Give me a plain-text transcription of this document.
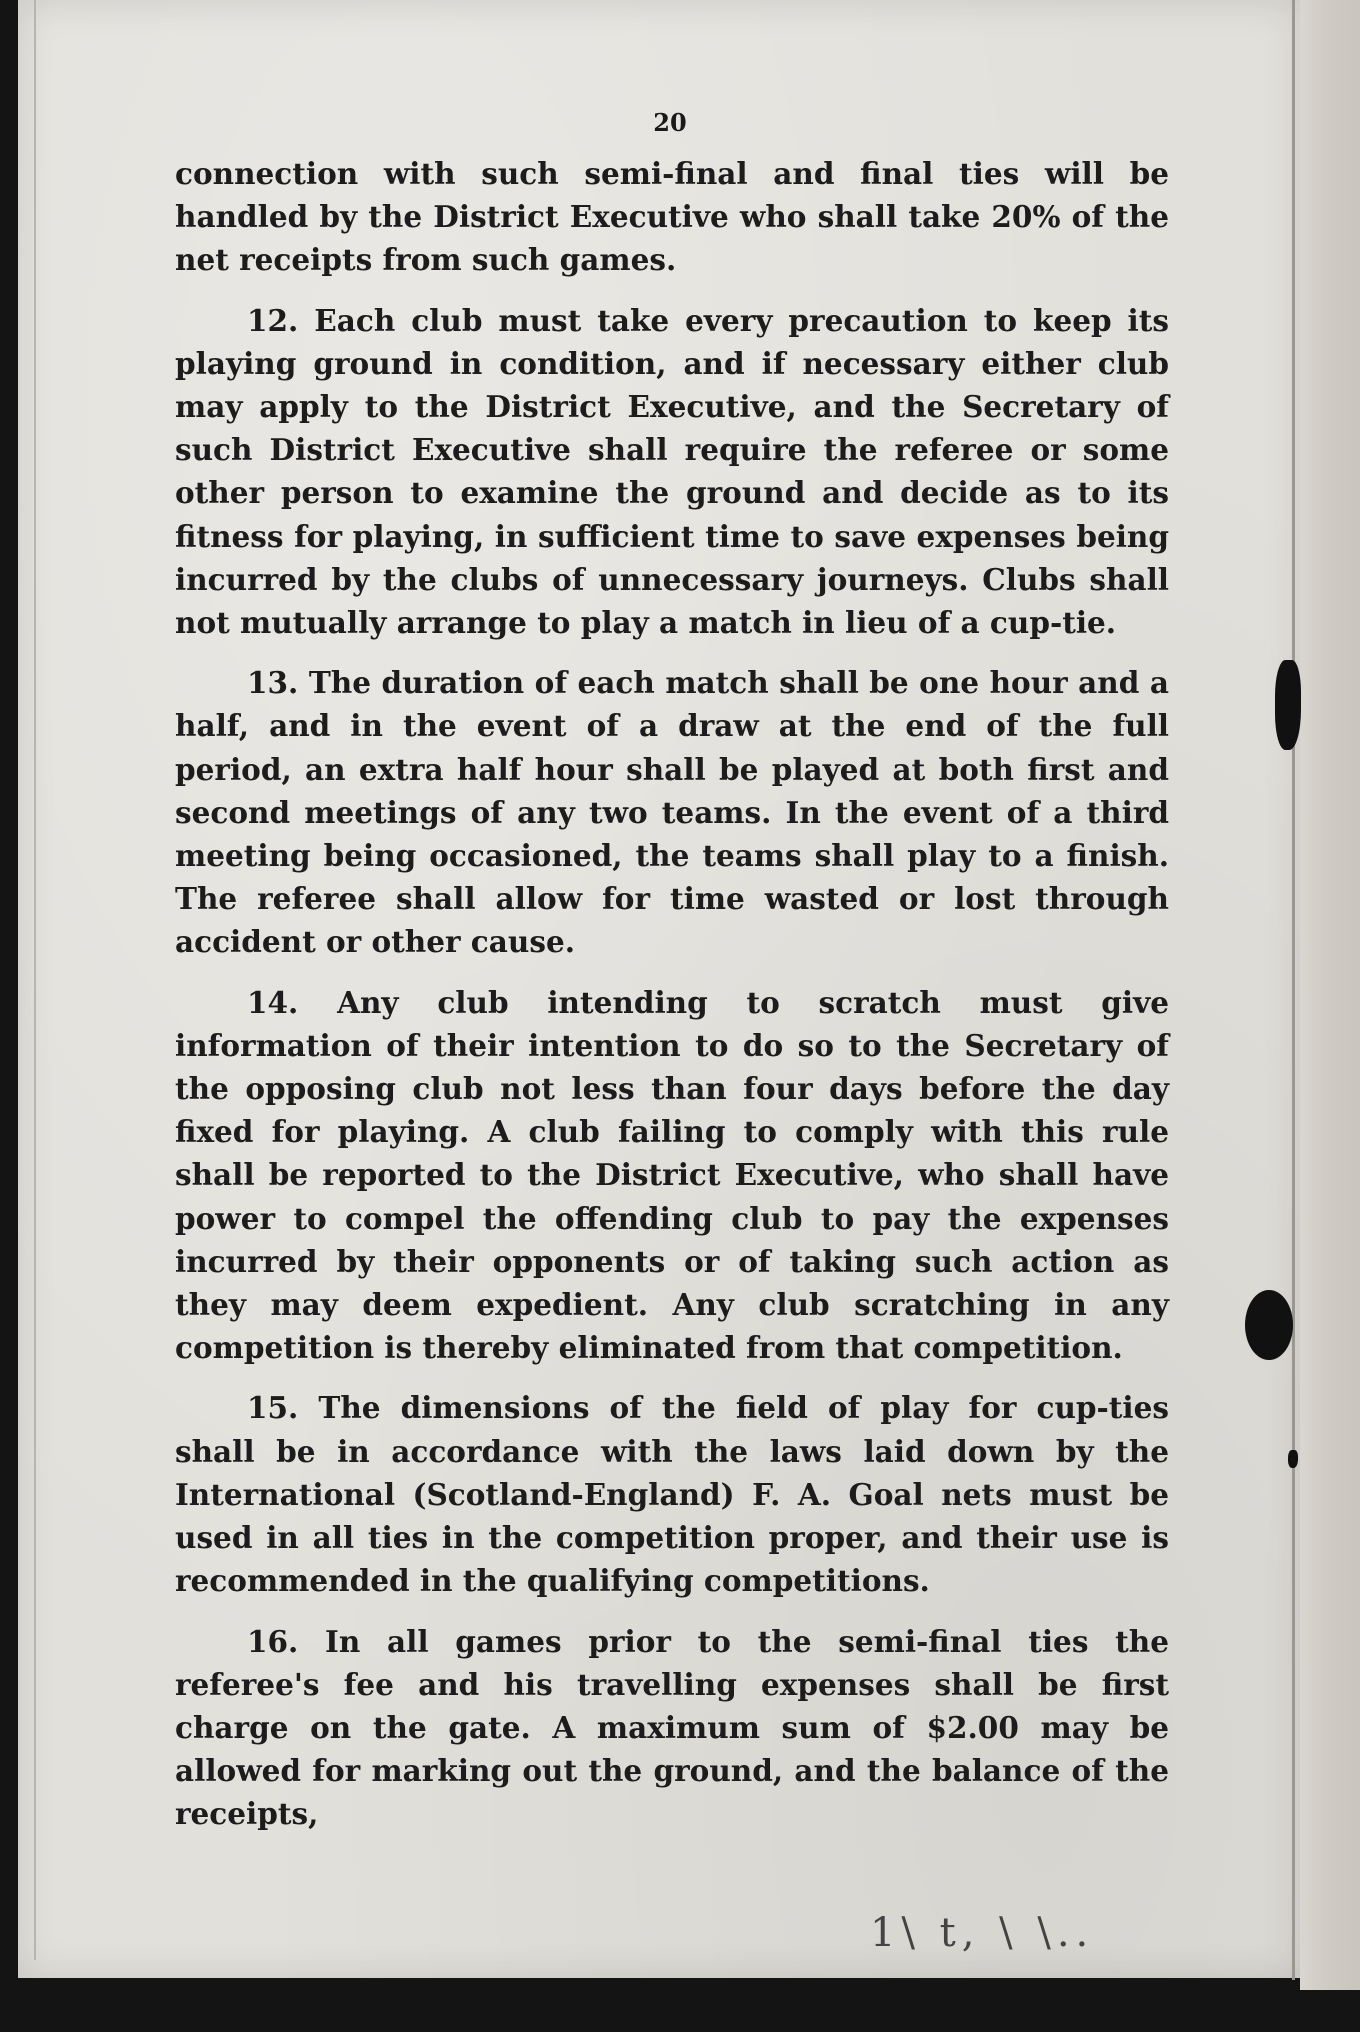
20

connection with such semi-final and final ties will be handled by the District Executive who shall take 20% of the net receipts from such games.

12. Each club must take every precaution to keep its playing ground in condition, and if necessary either club may apply to the District Executive, and the Secretary of such District Executive shall require the referee or some other person to examine the ground and decide as to its fitness for playing, in sufficient time to save expenses being incurred by the clubs of unnecessary journeys. Clubs shall not mutually arrange to play a match in lieu of a cup-tie.

13. The duration of each match shall be one hour and a half, and in the event of a draw at the end of the full period, an extra half hour shall be played at both first and second meetings of any two teams. In the event of a third meeting being occasioned, the teams shall play to a finish. The referee shall allow for time wasted or lost through accident or other cause.

14. Any club intending to scratch must give information of their intention to do so to the Secretary of the opposing club not less than four days before the day fixed for playing. A club failing to comply with this rule shall be reported to the District Executive, who shall have power to compel the offending club to pay the expenses incurred by their opponents or of taking such action as they may deem expedient. Any club scratching in any competition is thereby eliminated from that competition.

15. The dimensions of the field of play for cup-ties shall be in accordance with the laws laid down by the International (Scotland-England) F. A. Goal nets must be used in all ties in the competition proper, and their use is recommended in the qualifying competitions.

16. In all games prior to the semi-final ties the referee's fee and his travelling expenses shall be first charge on the gate. A maximum sum of $2.00 may be allowed for marking out the ground, and the balance of the receipts,

1\ t, \ \..
